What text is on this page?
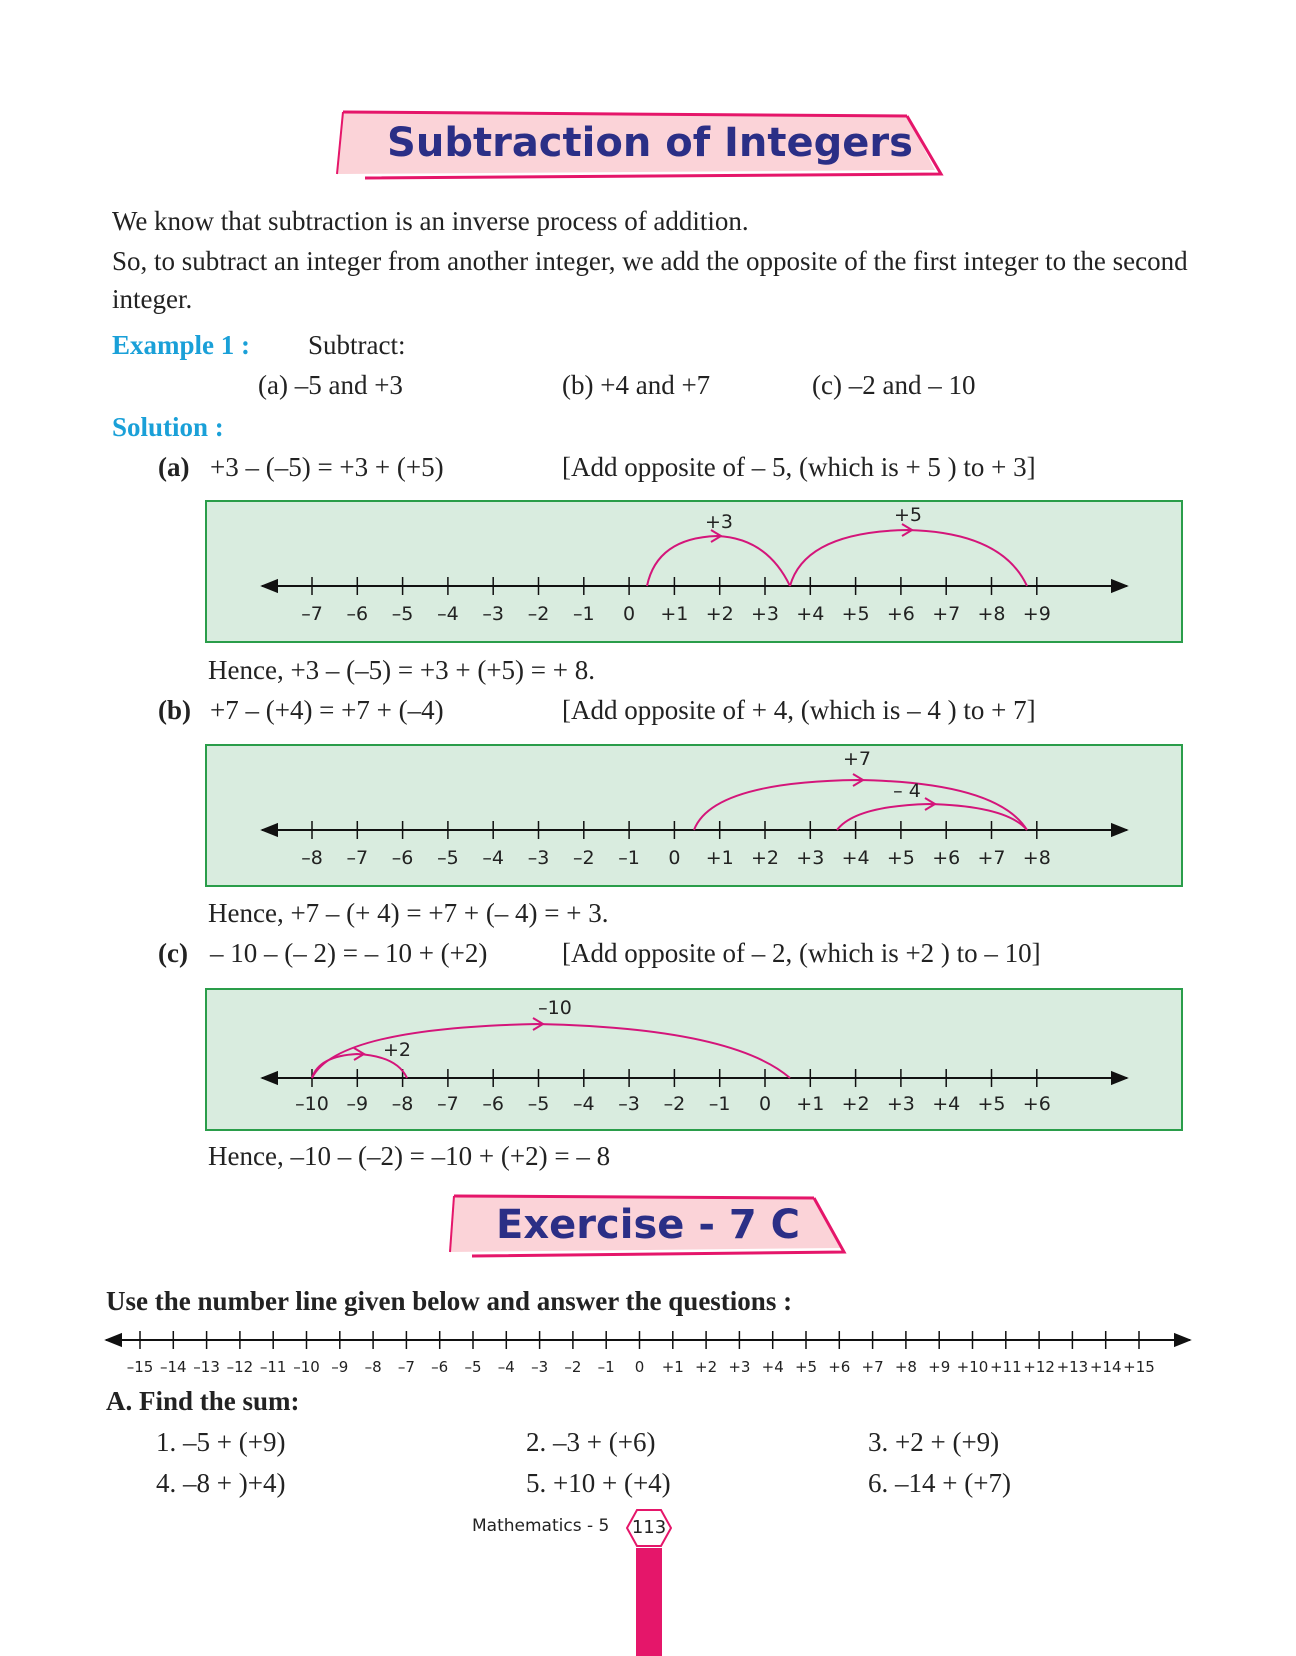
Subtraction of Integers
We know that subtraction is an inverse process of addition.
So, to subtract an integer from another integer, we add the opposite of the first integer to the second integer.
Example 1 : Subtract:
(a) –5 and +3	(b) +4 and +7	(c) –2 and – 10
Solution :
(a) +3 – (–5) = +3 + (+5)	[Add opposite of – 5, (which is + 5 ) to + 3]
–7 –6 –5 –4 –3 –2 –1 0 +1 +2 +3 +4 +5 +6 +7 +8 +9
+3	+5
Hence, +3 – (–5) = +3 + (+5) = + 8.
(b) +7 – (+4) = +7 + (–4)	[Add opposite of + 4, (which is – 4 ) to + 7]
–8 –7 –6 –5 –4 –3 –2 –1 0 +1 +2 +3 +4 +5 +6 +7 +8
+7
– 4
Hence, +7 – (+ 4) = +7 + (– 4) = + 3.
(c) – 10 – (– 2) = – 10 + (+2)	[Add opposite of – 2, (which is +2 ) to – 10]
–10 –9 –8 –7 –6 –5 –4 –3 –2 –1 0 +1 +2 +3 +4 +5 +6
–10
+2
Hence, –10 – (–2) = –10 + (+2) = – 8
Exercise - 7 C
Use the number line given below and answer the questions :
–15 –14 –13 –12 –11 –10 –9 –8 –7 –6 –5 –4 –3 –2 –1 0 +1 +2 +3 +4 +5 +6 +7 +8 +9 +10 +11 +12 +13 +14 +15
A. Find the sum:
1. –5 + (+9)	2. –3 + (+6)	3. +2 + (+9)
4. –8 + )+4)	5. +10 + (+4)	6. –14 + (+7)
Mathematics - 5	113
